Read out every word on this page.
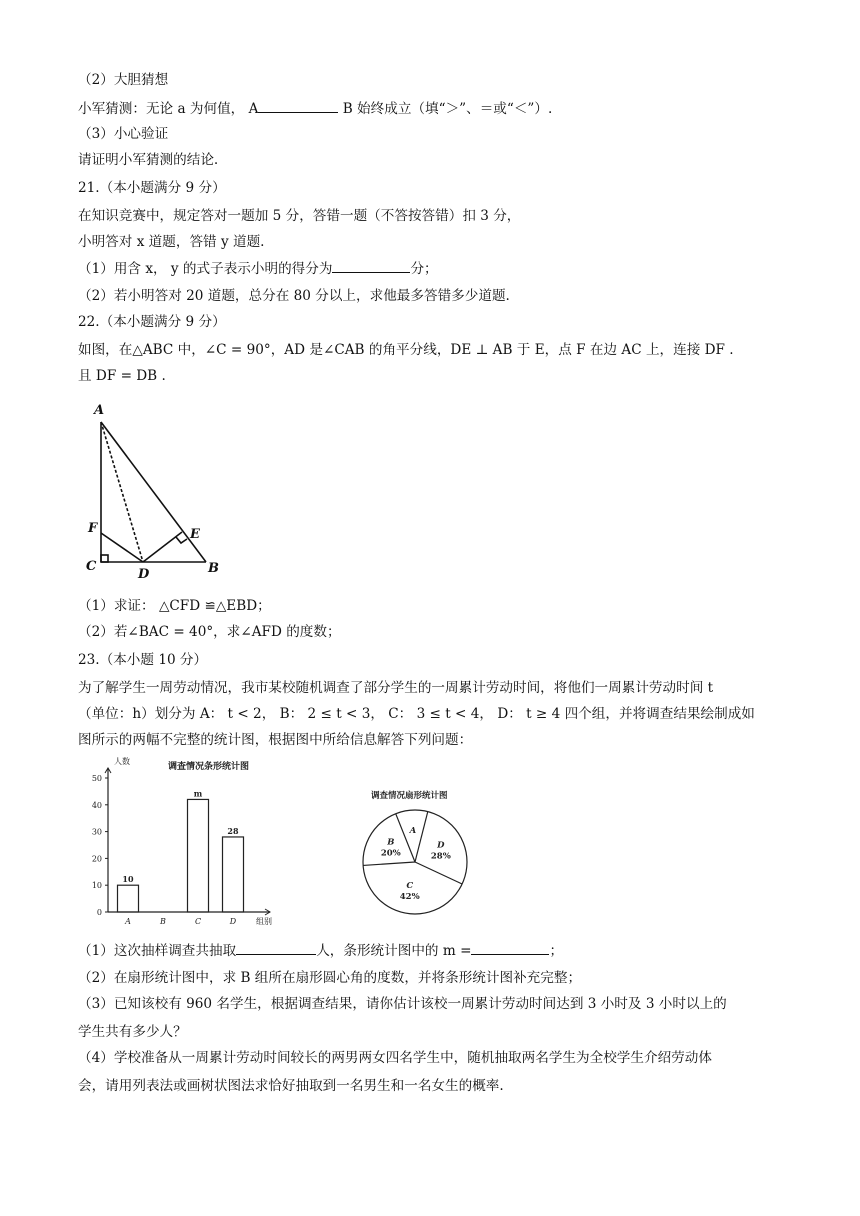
（2）大胆猜想
小军猜测：无论 a 为何值， A	B 始终成立（填“＞”、＝或“＜”）.
（3）小心验证
请证明小军猜测的结论.
21.（本小题满分 9 分）
在知识竞赛中，规定答对一题加 5 分，答错一题（不答按答错）扣 3 分，
小明答对 x 道题，答错 y 道题.
（1）用含 x， y 的式子表示小明的得分为	分；
（2）若小明答对 20 道题，总分在 80 分以上，求他最多答错多少道题.
22.（本小题满分 9 分）
如图，在△ABC 中，∠C = 90°，AD 是∠CAB 的角平分线，DE ⊥ AB 于 E，点 F 在边 AC 上，连接 DF .
且 DF = DB .
A
F
C
D
E
B
（1）求证： △CFD ≌△EBD；
（2）若∠BAC = 40°，求∠AFD 的度数；
23.（本小题 10 分）
为了解学生一周劳动情况，我市某校随机调查了部分学生的一周累计劳动时间，将他们一周累计劳动时间 t
（单位：h）划分为 A： t < 2， B： 2 ≤ t < 3， C： 3 ≤ t < 4， D： t ≥ 4 四个组，并将调查结果绘制成如
图所示的两幅不完整的统计图，根据图中所给信息解答下列问题：
调查情况条形统计图
人数
组别
0
10
20
30
40
50
A
10
B	C
m
D
28
调查情况扇形统计图
A
D
28%
C
42%
B
20%
（1）这次抽样调查共抽取	人，条形统计图中的 m =	；
（2）在扇形统计图中，求 B 组所在扇形圆心角的度数，并将条形统计图补充完整；
（3）已知该校有 960 名学生，根据调查结果，请你估计该校一周累计劳动时间达到 3 小时及 3 小时以上的
学生共有多少人？
（4）学校准备从一周累计劳动时间较长的两男两女四名学生中，随机抽取两名学生为全校学生介绍劳动体
会，请用列表法或画树状图法求恰好抽取到一名男生和一名女生的概率.
